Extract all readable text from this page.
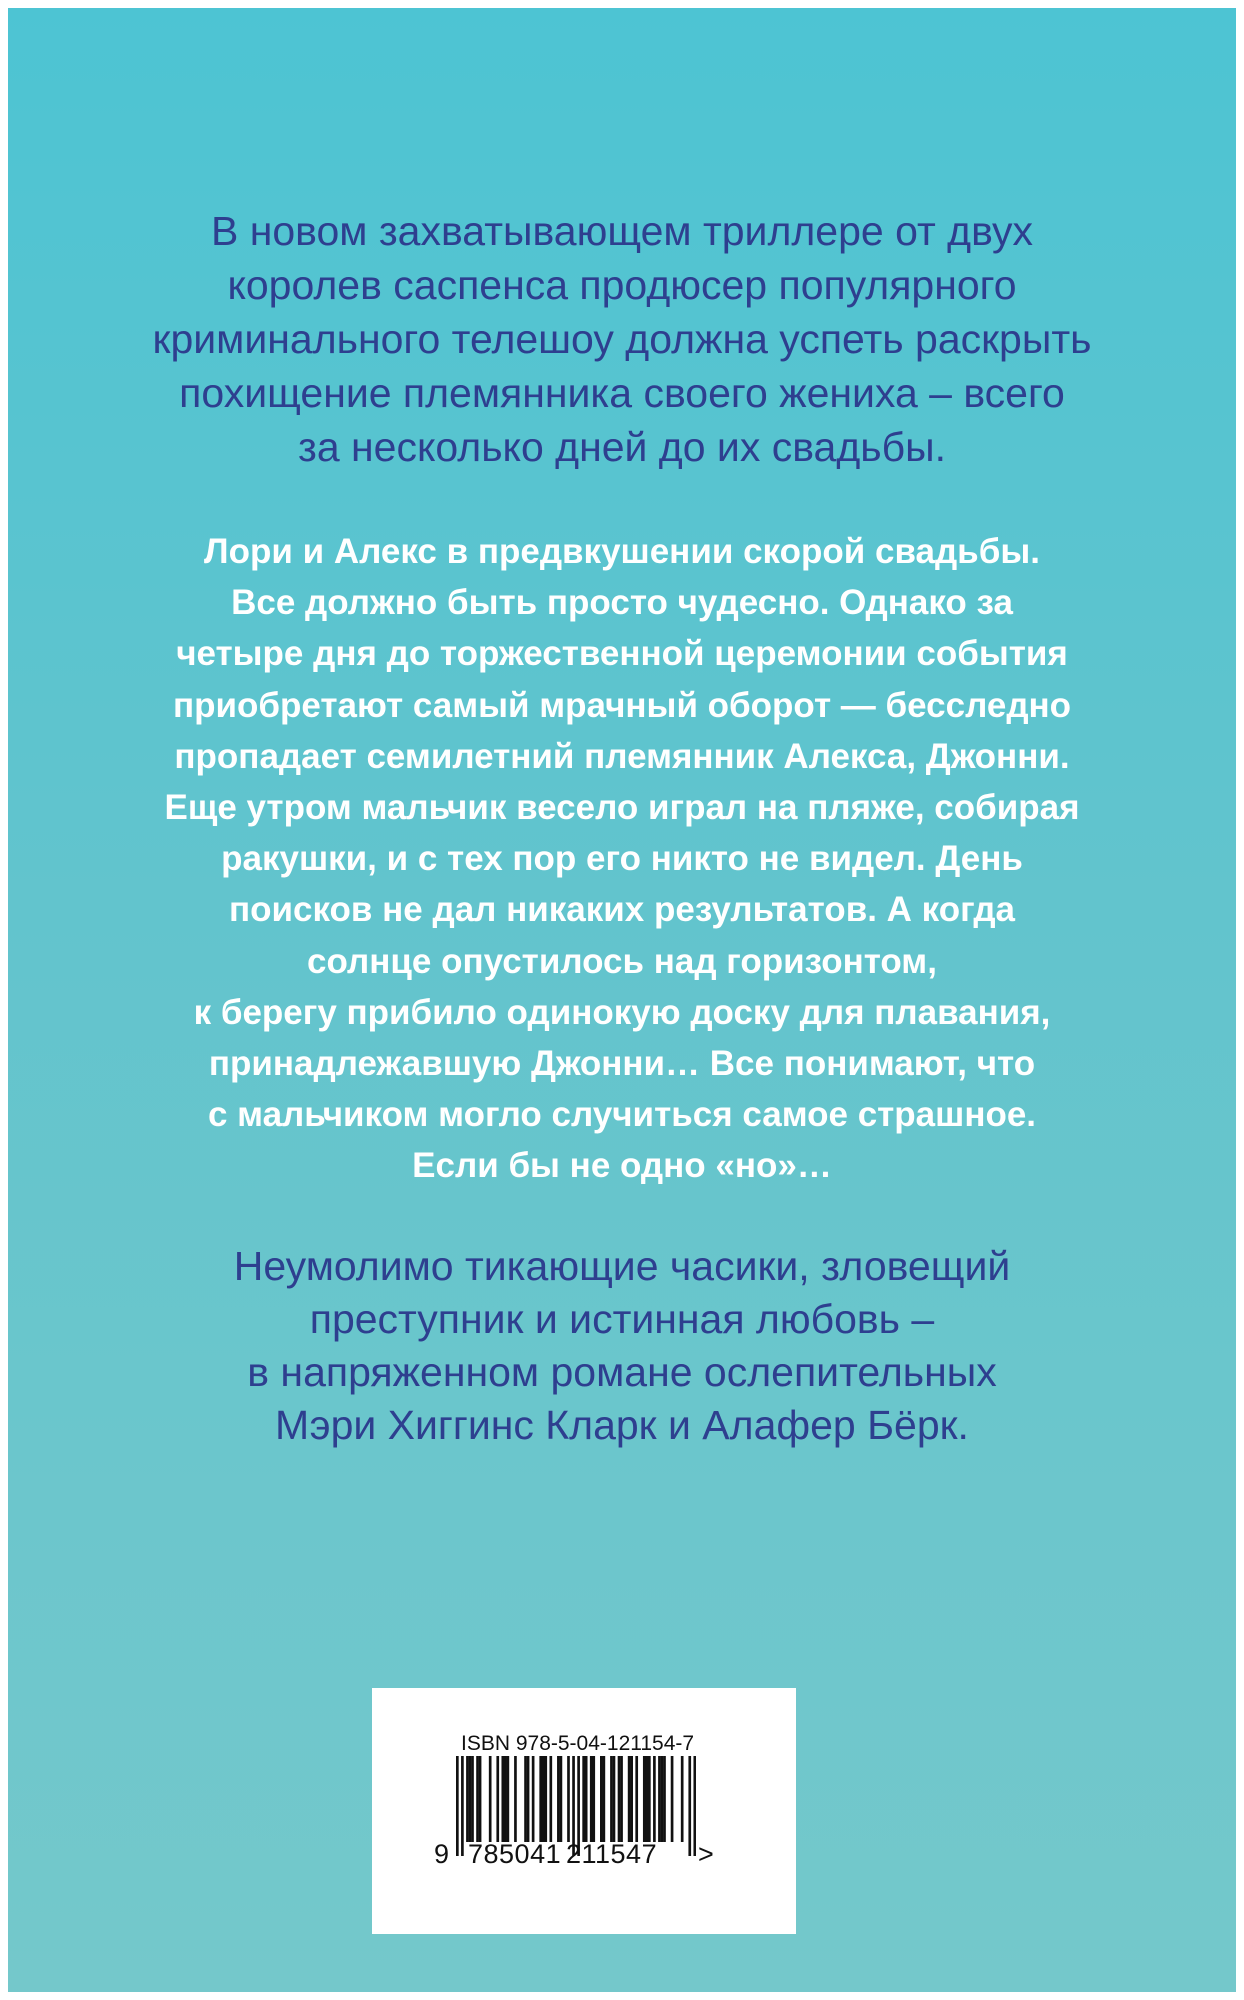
В новом захватывающем триллере от двух
королев саспенса продюсер популярного
криминального телешоу должна успеть раскрыть
похищение племянника своего жениха – всего
за несколько дней до их свадьбы.
Лори и Алекс в предвкушении скорой свадьбы.
Все должно быть просто чудесно. Однако за
четыре дня до торжественной церемонии события
приобретают самый мрачный оборот — бесследно
пропадает семилетний племянник Алекса, Джонни.
Еще утром мальчик весело играл на пляже, собирая
ракушки, и с тех пор его никто не видел. День
поисков не дал никаких результатов. А когда
солнце опустилось над горизонтом,
к берегу прибило одинокую доску для плавания,
принадлежавшую Джонни… Все понимают, что
с мальчиком могло случиться самое страшное.
Если бы не одно «но»…
Неумолимо тикающие часики, зловещий
преступник и истинная любовь –
в напряженном романе ослепительных
Мэри Хиггинс Кларк и Алафер Бёрк.
ISBN 978-5-04-121154-7
9 785041 211547 >
